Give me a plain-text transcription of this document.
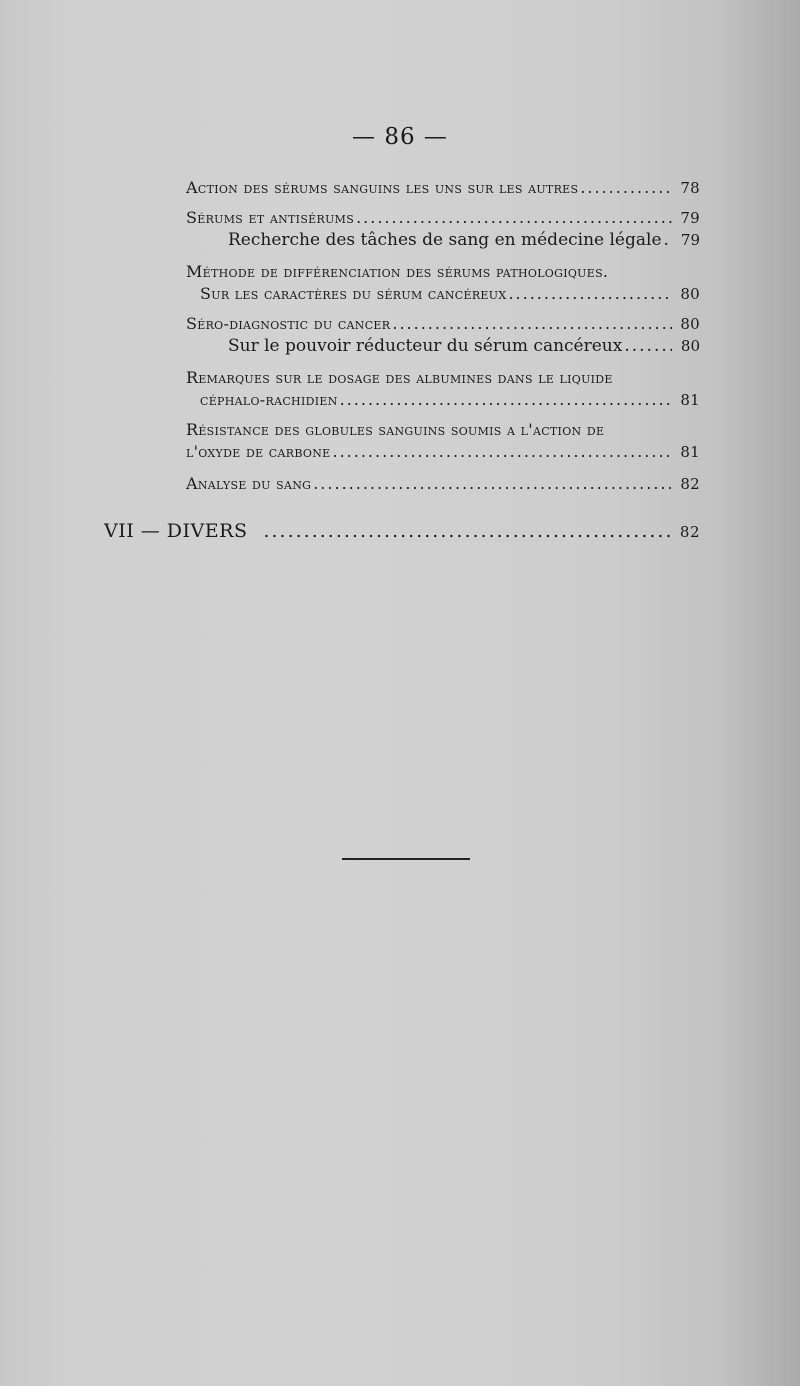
— 86 —
Action des sérums sanguins les uns sur les autres .....	78
Sérums et antisérums .....	79
Recherche des tâches de sang en médecine légale ..... 79
Méthode de différenciation des sérums pathologiques.
Sur les caractères du sérum cancéreux .....	80
Séro-diagnostic du cancer .....	80
Sur le pouvoir réducteur du sérum cancéreux .....	80
Remarques sur le dosage des albumines dans le liquide
céphalo-rachidien .....	81
Résistance des globules sanguins soumis a l'action de
l'oxyde de carbone .....	81
Analyse du sang .....	82
VII — DIVERS .....	82
